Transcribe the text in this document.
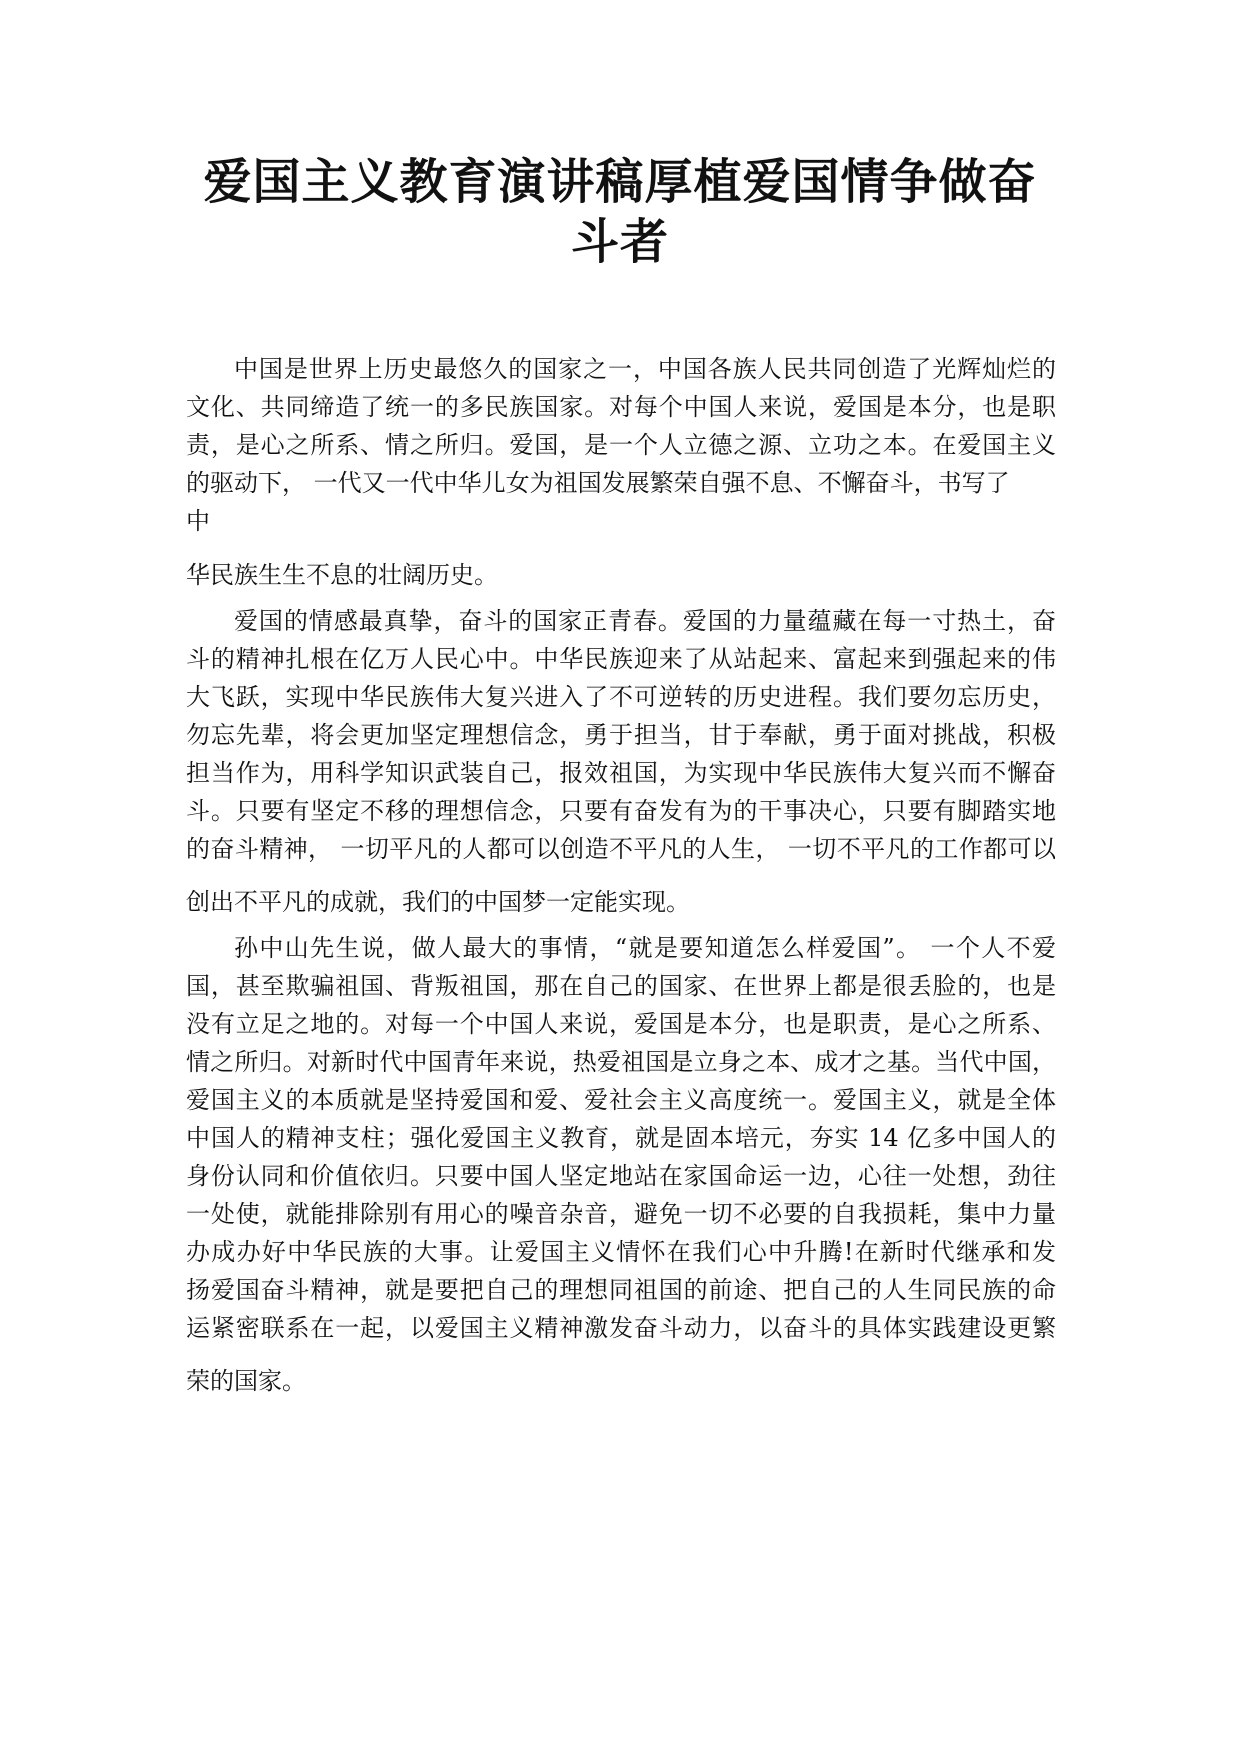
爱国主义教育演讲稿厚植爱国情争做奋斗者

中国是世界上历史最悠久的国家之一，中国各族人民共同创造了光辉灿烂的
文化、共同缔造了统一的多民族国家。对每个中国人来说，爱国是本分，也是职
责，是心之所系、情之所归。爱国，是一个人立德之源、立功之本。在爱国主义
的驱动下， 一代又一代中华儿女为祖国发展繁荣自强不息、不懈奋斗，书写了
中

华民族生生不息的壮阔历史。

爱国的情感最真挚，奋斗的国家正青春。爱国的力量蕴藏在每一寸热土，奋
斗的精神扎根在亿万人民心中。中华民族迎来了从站起来、富起来到强起来的伟
大飞跃，实现中华民族伟大复兴进入了不可逆转的历史进程。我们要勿忘历史，
勿忘先辈，将会更加坚定理想信念，勇于担当，甘于奉献，勇于面对挑战，积极
担当作为，用科学知识武装自己，报效祖国，为实现中华民族伟大复兴而不懈奋
斗。只要有坚定不移的理想信念，只要有奋发有为的干事决心，只要有脚踏实地
的奋斗精神， 一切平凡的人都可以创造不平凡的人生， 一切不平凡的工作都可以

创出不平凡的成就，我们的中国梦一定能实现。

孙中山先生说，做人最大的事情，“就是要知道怎么样爱国”。 一个人不爱
国，甚至欺骗祖国、背叛祖国，那在自己的国家、在世界上都是很丢脸的，也是
没有立足之地的。对每一个中国人来说，爱国是本分，也是职责，是心之所系、
情之所归。对新时代中国青年来说，热爱祖国是立身之本、成才之基。当代中国，
爱国主义的本质就是坚持爱国和爱、爱社会主义高度统一。爱国主义，就是全体
中国人的精神支柱；强化爱国主义教育，就是固本培元，夯实 14 亿多中国人的
身份认同和价值依归。只要中国人坚定地站在家国命运一边，心往一处想，劲往
一处使，就能排除别有用心的噪音杂音，避免一切不必要的自我损耗，集中力量
办成办好中华民族的大事。让爱国主义情怀在我们心中升腾!在新时代继承和发
扬爱国奋斗精神，就是要把自己的理想同祖国的前途、把自己的人生同民族的命
运紧密联系在一起，以爱国主义精神激发奋斗动力，以奋斗的具体实践建设更繁

荣的国家。
